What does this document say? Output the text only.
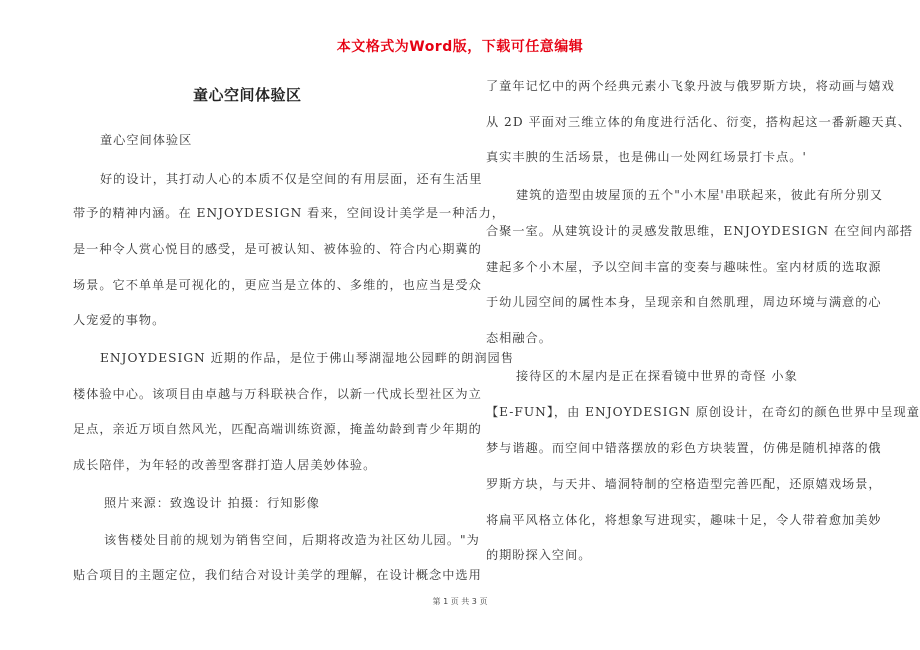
本文格式为Word版，下载可任意编辑
童心空间体验区
童心空间体验区
好的设计，其打动人心的本质不仅是空间的有用层面，还有生活里
带予的精神内涵。在 ENJOYDESIGN 看来，空间设计美学是一种活力，
是一种令人赏心悦目的感受，是可被认知、被体验的、符合内心期冀的
场景。它不单单是可视化的，更应当是立体的、多维的，也应当是受众
人宠爱的事物。
ENJOYDESIGN 近期的作品，是位于佛山琴湖湿地公园畔的朗润园售
楼体验中心。该项目由卓越与万科联袂合作，以新一代成长型社区为立
足点，亲近万顷自然风光，匹配高端训练资源，掩盖幼龄到青少年期的
成长陪伴，为年轻的改善型客群打造人居美妙体验。
照片来源：致逸设计 拍摄：行知影像
该售楼处目前的规划为销售空间，后期将改造为社区幼儿园。"为
贴合项目的主题定位，我们结合对设计美学的理解，在设计概念中选用
了童年记忆中的两个经典元素小飞象丹波与俄罗斯方块，将动画与嬉戏
从 2D 平面对三维立体的角度进行活化、衍变，搭构起这一番新趣天真、
真实丰腴的生活场景，也是佛山一处网红场景打卡点。'
建筑的造型由坡屋顶的五个"小木屋'串联起来，彼此有所分别又
合聚一室。从建筑设计的灵感发散思维，ENJOYDESIGN 在空间内部搭
建起多个小木屋，予以空间丰富的变奏与趣味性。室内材质的选取源
于幼儿园空间的属性本身，呈现亲和自然肌理，周边环境与满意的心
态相融合。
接待区的木屋内是正在探看镜中世界的奇怪 小象
【E-FUN】，由 ENJOYDESIGN 原创设计，在奇幻的颜色世界中呈现童
梦与谐趣。而空间中错落摆放的彩色方块装置，仿佛是随机掉落的俄
罗斯方块，与天井、墙洞特制的空格造型完善匹配，还原嬉戏场景，
将扁平风格立体化，将想象写进现实，趣味十足，令人带着愈加美妙
的期盼探入空间。
第 1 页 共 3 页
